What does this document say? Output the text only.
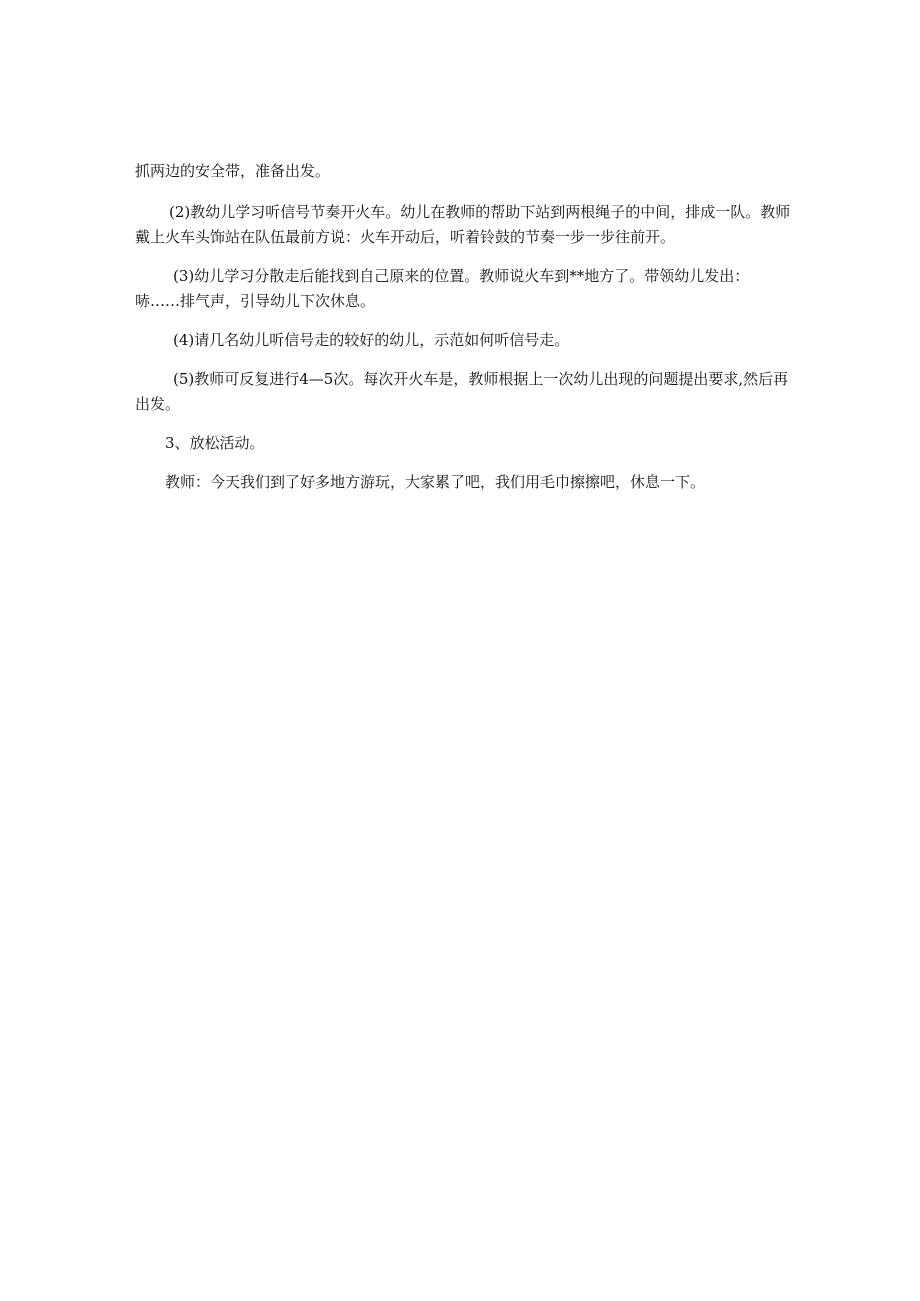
抓两边的安全带，准备出发。

(2)教幼儿学习听信号节奏开火车。幼儿在教师的帮助下站到两根绳子的中间，排成一队。教师戴上火车头饰站在队伍最前方说：火车开动后，听着铃鼓的节奏一步一步往前开。

(3)幼儿学习分散走后能找到自己原来的位置。教师说火车到**地方了。带领幼儿发出：哧……排气声，引导幼儿下次休息。

(4)请几名幼儿听信号走的较好的幼儿，示范如何听信号走。

(5)教师可反复进行4—5次。每次开火车是，教师根据上一次幼儿出现的问题提出要求,然后再出发。

3、放松活动。

教师：今天我们到了好多地方游玩，大家累了吧，我们用毛巾擦擦吧，休息一下。
